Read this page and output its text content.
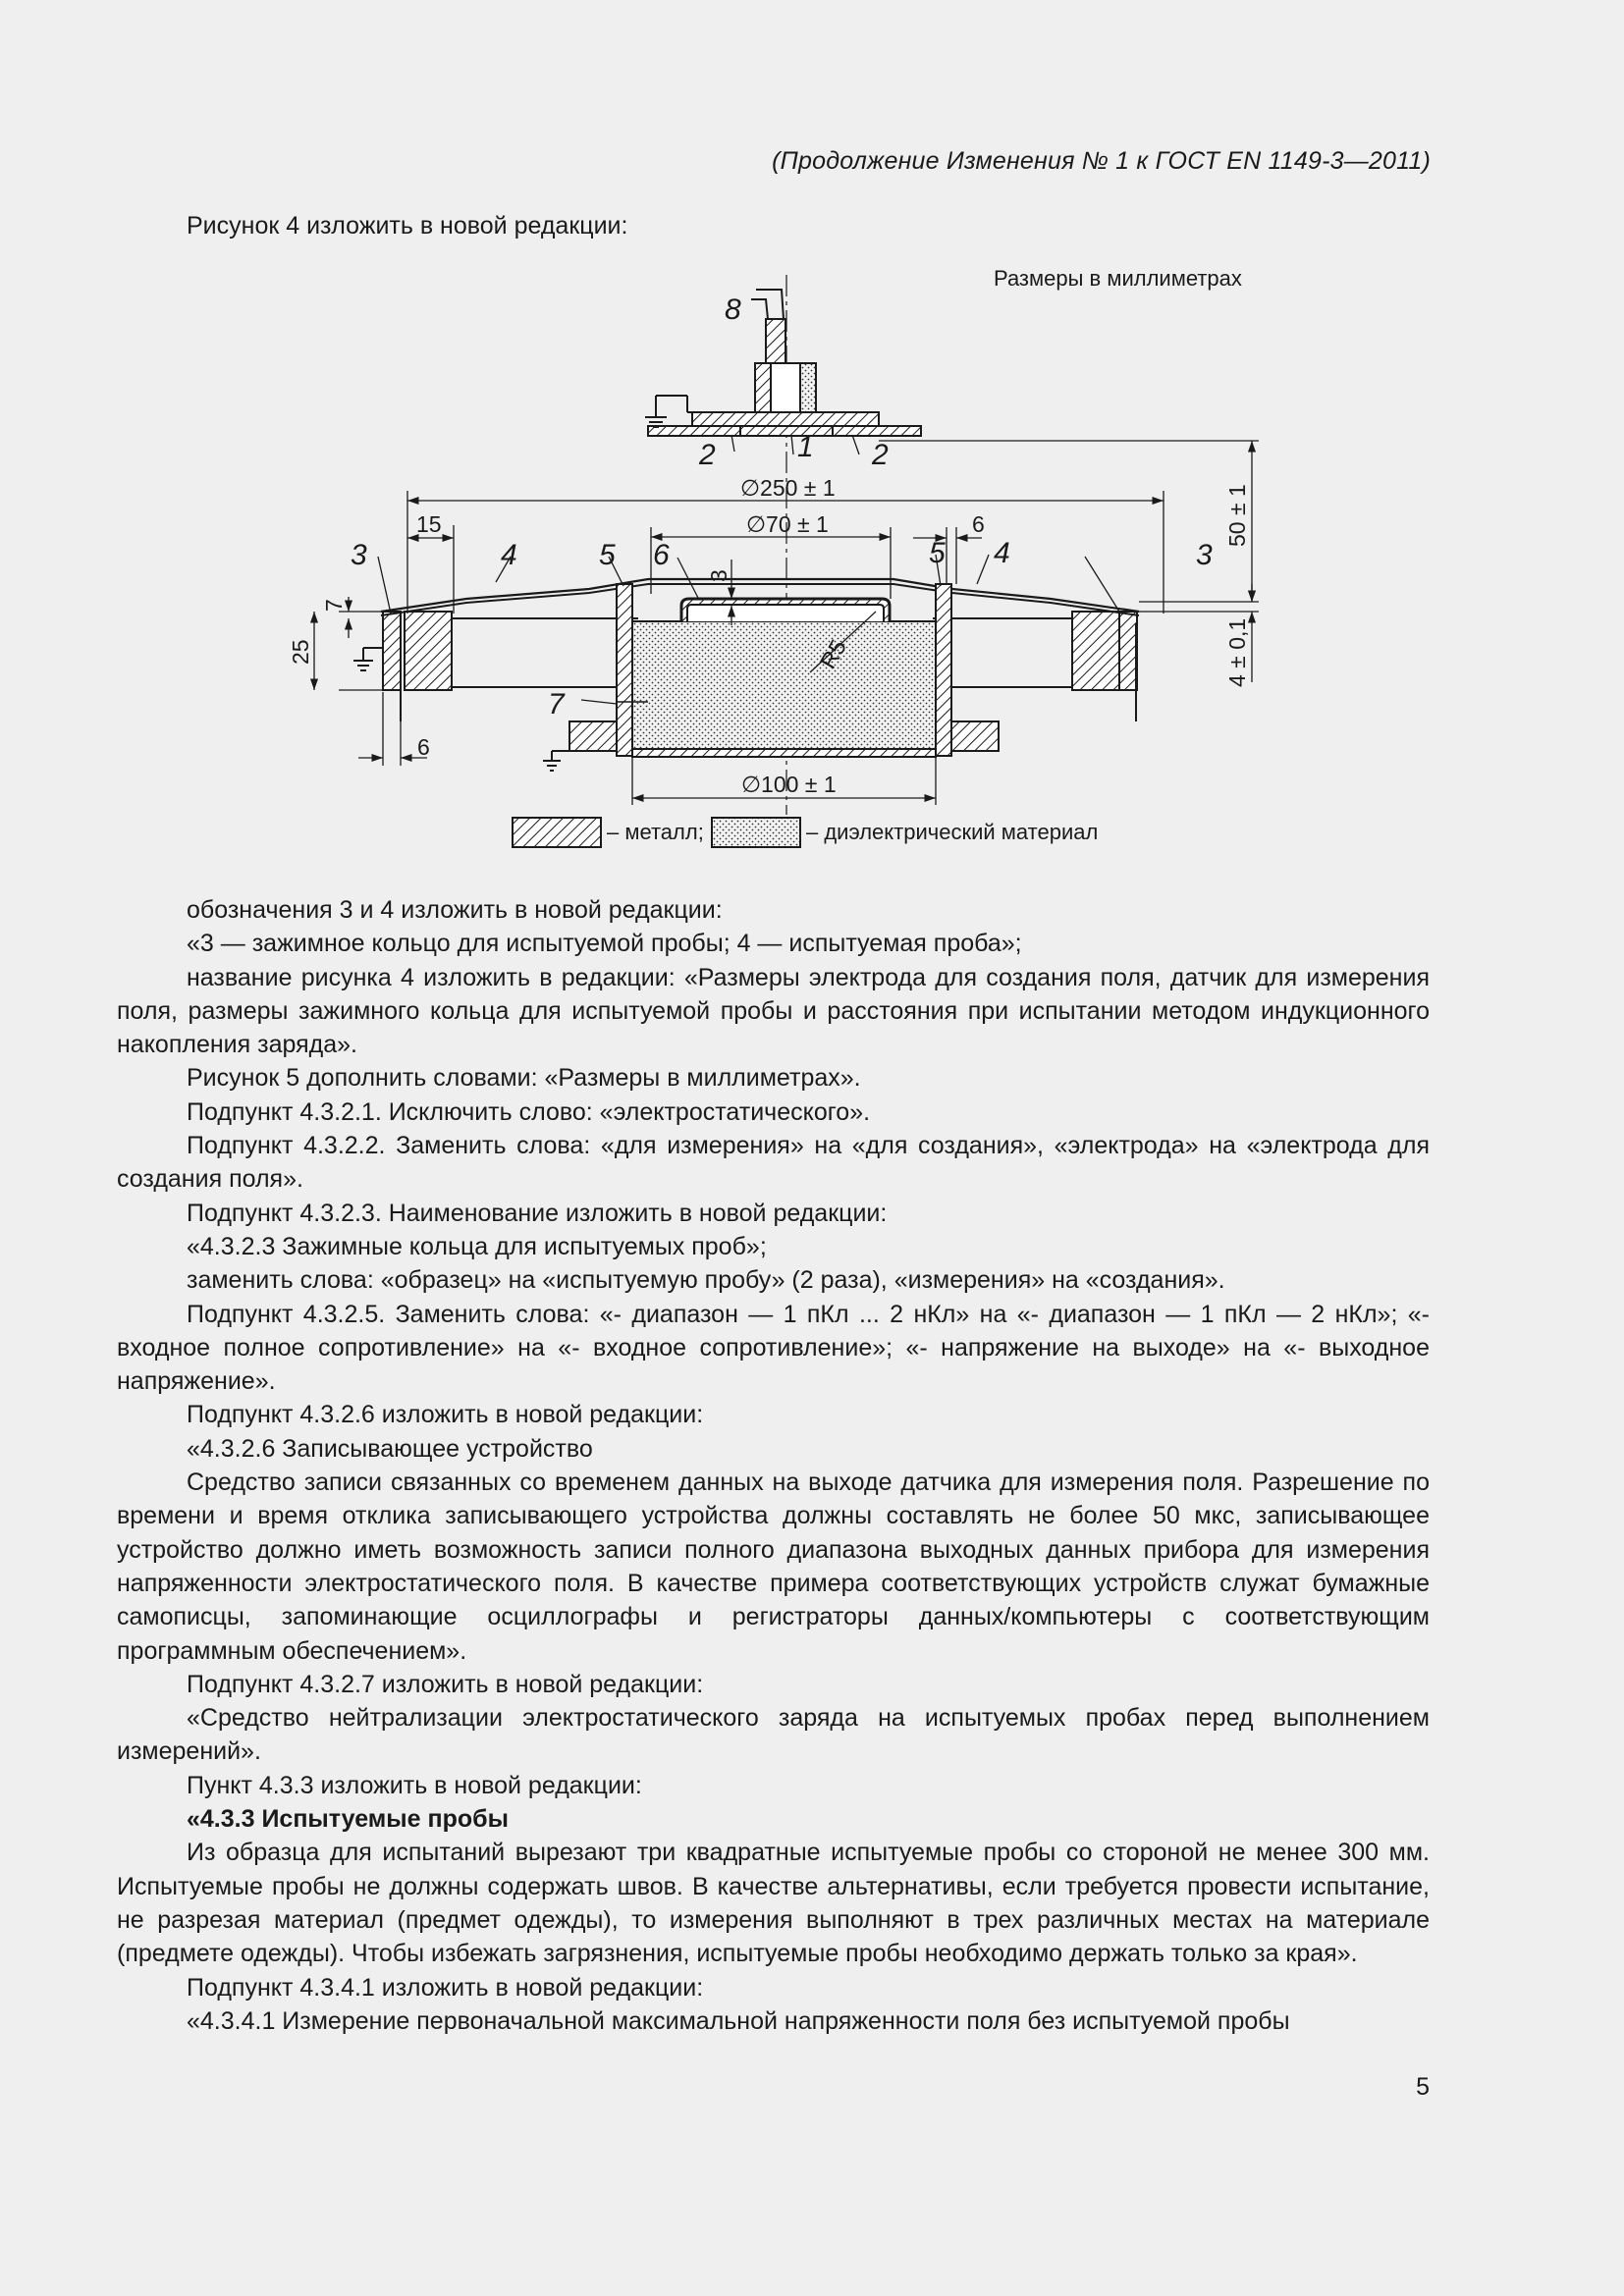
(Продолжение Изменения № 1 к ГОСТ EN 1149-3—2011)
Рисунок 4 изложить в новой редакции:
Размеры в миллиметрах
8
1
2	2
∅250 ± 1
∅70 ± 1
15	6
3	4	5 6	4
5	3
50 ± 1
4 ± 0,1
7
25
3
R5
7
6
∅100 ± 1
– металл;	– диэлектрический материал

обозначения 3 и 4 изложить в новой редакции:

«3 — зажимное кольцо для испытуемой пробы; 4 — испытуемая проба»;

название рисунка 4 изложить в редакции: «Размеры электрода для создания поля, датчик для измерения поля, размеры зажимного кольца для испытуемой пробы и расстояния при испытании методом индукционного накопления заряда».

Рисунок 5 дополнить словами: «Размеры в миллиметрах».

Подпункт 4.3.2.1. Исключить слово: «электростатического».

Подпункт 4.3.2.2. Заменить слова: «для измерения» на «для создания», «электрода» на «электрода для создания поля».

Подпункт 4.3.2.3. Наименование изложить в новой редакции:

«4.3.2.3 Зажимные кольца для испытуемых проб»;

заменить слова: «образец» на «испытуемую пробу» (2 раза), «измерения» на «создания».

Подпункт 4.3.2.5. Заменить слова: «- диапазон — 1 пКл ... 2 нКл» на «- диапазон — 1 пКл — 2 нКл»; «- входное полное сопротивление» на «- входное сопротивление»; «- напряжение на выходе» на «- выходное напряжение».

Подпункт 4.3.2.6 изложить в новой редакции:

«4.3.2.6 Записывающее устройство

Средство записи связанных со временем данных на выходе датчика для измерения поля. Разрешение по времени и время отклика записывающего устройства должны составлять не более 50 мкс, записывающее устройство должно иметь возможность записи полного диапазона выходных данных прибора для измерения напряженности электростатического поля. В качестве примера соответствующих устройств служат бумажные самописцы, запоминающие осциллографы и регистраторы данных/компьютеры с соответствующим программным обеспечением».

Подпункт 4.3.2.7 изложить в новой редакции:

«Средство нейтрализации электростатического заряда на испытуемых пробах перед выполнением измерений».

Пункт 4.3.3 изложить в новой редакции:

«4.3.3 Испытуемые пробы

Из образца для испытаний вырезают три квадратные испытуемые пробы со стороной не менее 300 мм. Испытуемые пробы не должны содержать швов. В качестве альтернативы, если требуется провести испытание, не разрезая материал (предмет одежды), то измерения выполняют в трех различных местах на материале (предмете одежды). Чтобы избежать загрязнения, испытуемые пробы необходимо держать только за края».

Подпункт 4.3.4.1 изложить в новой редакции:

«4.3.4.1 Измерение первоначальной максимальной напряженности поля без испытуемой пробы

5
